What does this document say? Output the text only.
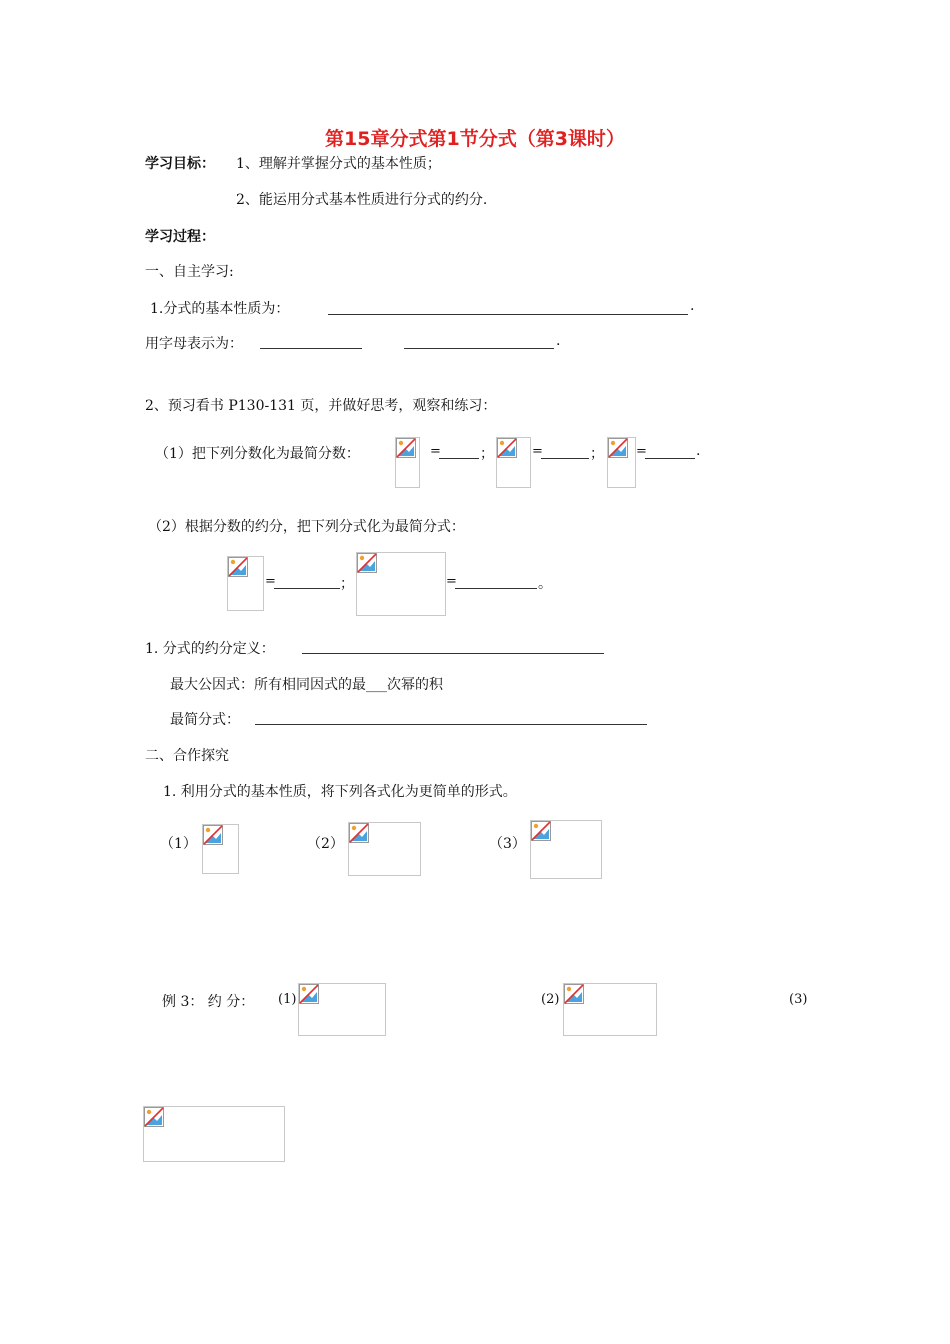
第15章分式第1节分式（第3课时）
学习目标： 1、理解并掌握分式的基本性质；
2、能运用分式基本性质进行分式的约分.
学习过程：
一、自主学习:
1.分式的基本性质为：	.
用字母表示为：	.
2、预习看书 P130-131 页，并做好思考，观察和练习：
（1）把下列分数化为最简分数：	=	；	=	； =	.
（2）根据分数的约分，把下列分式化为最简分式：
=	；	=	。
1. 分式的约分定义：
最大公因式：所有相同因式的最___次幂的积
最简分式：
二、合作探究
1. 利用分式的基本性质，将下列各式化为更简单的形式。
（1）	（2）	（3）
例 3： 约 分： (1)	(2)	(3)
